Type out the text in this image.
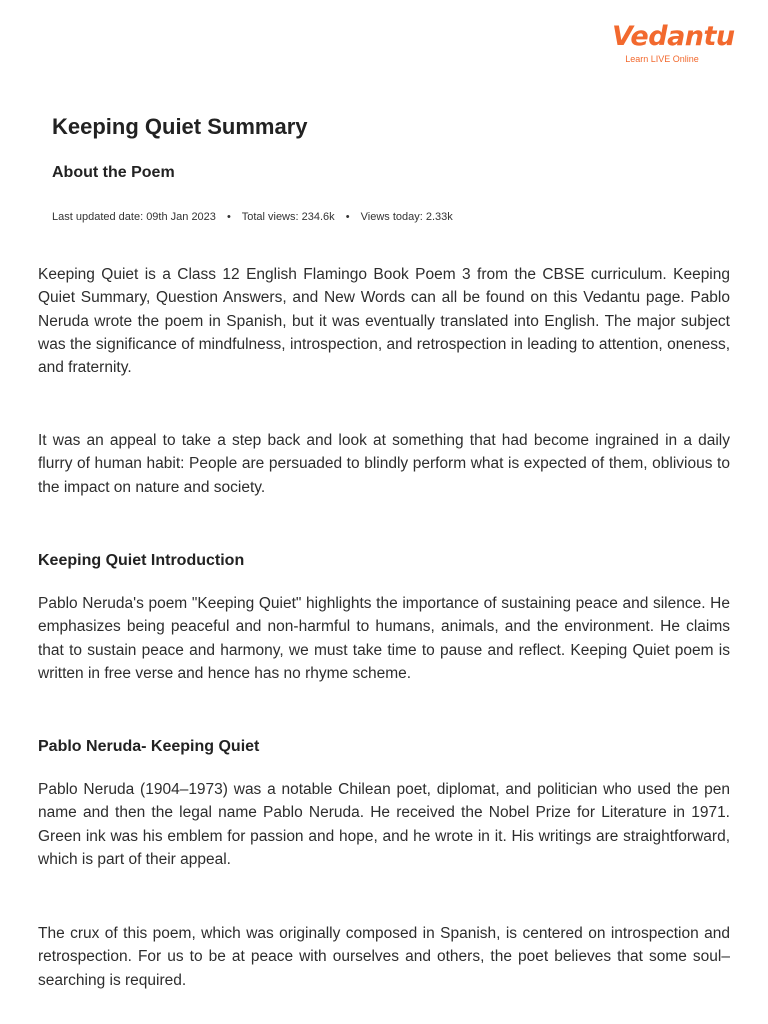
Vedantu
Learn LIVE Online
Keeping Quiet Summary
About the Poem
Last updated date: 09th Jan 2023 • Total views: 234.6k • Views today: 2.33k

Keeping Quiet is a Class 12 English Flamingo Book Poem 3 from the CBSE curriculum. Keeping Quiet Summary, Question Answers, and New Words can all be found on this Vedantu page. Pablo Neruda wrote the poem in Spanish, but it was eventually translated into English. The major subject was the significance of mindfulness, introspection, and retrospection in leading to attention, oneness, and fraternity.

It was an appeal to take a step back and look at something that had become ingrained in a daily flurry of human habit: People are persuaded to blindly perform what is expected of them, oblivious to the impact on nature and society.

Keeping Quiet Introduction

Pablo Neruda's poem "Keeping Quiet" highlights the importance of sustaining peace and silence. He emphasizes being peaceful and non-harmful to humans, animals, and the environment. He claims that to sustain peace and harmony, we must take time to pause and reflect. Keeping Quiet poem is written in free verse and hence has no rhyme scheme.

Pablo Neruda- Keeping Quiet

Pablo Neruda (1904–1973) was a notable Chilean poet, diplomat, and politician who used the pen name and then the legal name Pablo Neruda. He received the Nobel Prize for Literature in 1971. Green ink was his emblem for passion and hope, and he wrote in it. His writings are straightforward, which is part of their appeal.

The crux of this poem, which was originally composed in Spanish, is centered on introspection and retrospection. For us to be at peace with ourselves and others, the poet believes that some soul–searching is required.
